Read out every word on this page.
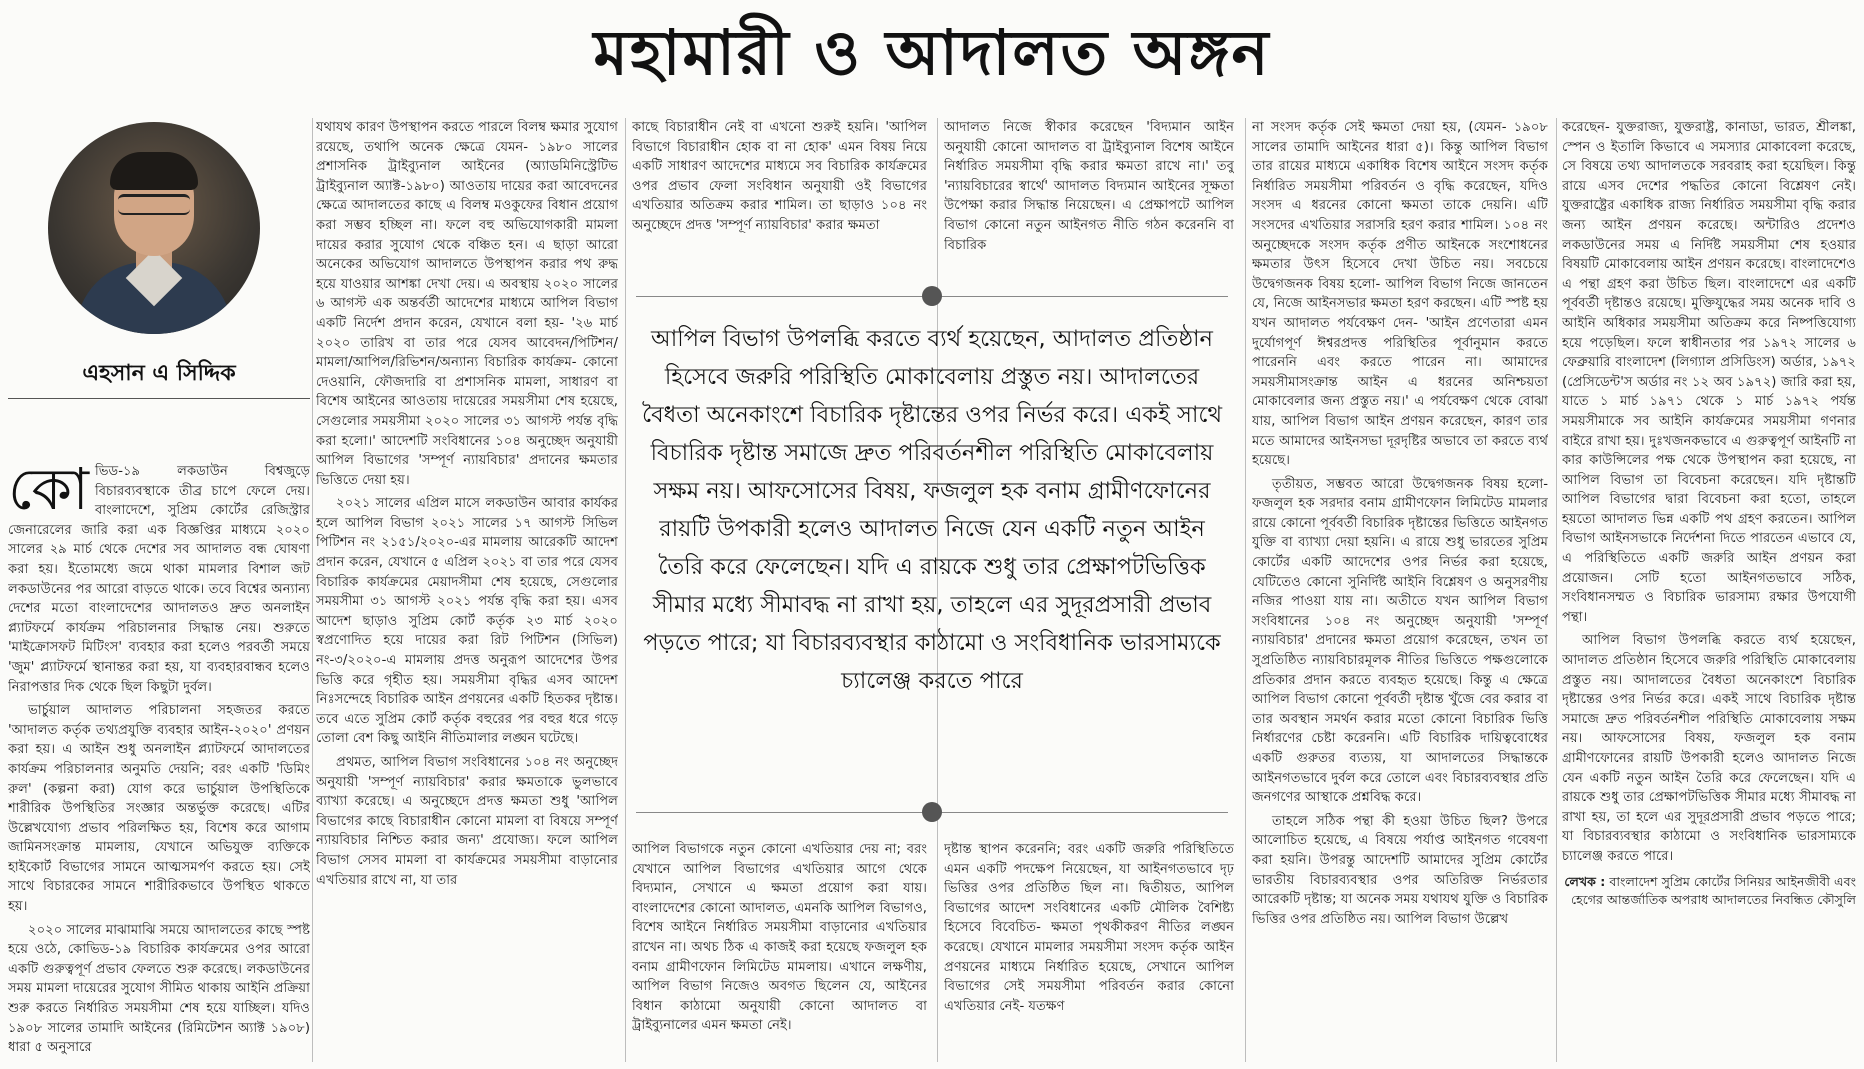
মহামারী ও আদালত অঙ্গন
এহসান এ সিদ্দিক

কোভিড-১৯ লকডাউন বিশ্বজুড়ে বিচারব্যবস্থাকে তীব্র চাপে ফেলে দেয়। বাংলাদেশে, সুপ্রিম কোর্টের রেজিস্ট্রার জেনারেলের জারি করা এক বিজ্ঞপ্তির মাধ্যমে ২০২০ সালের ২৯ মার্চ থেকে দেশের সব আদালত বন্ধ ঘোষণা করা হয়। ইতোমধ্যে জমে থাকা মামলার বিশাল জট লকডাউনের পর আরো বাড়তে থাকে। তবে বিশ্বের অন্যান্য দেশের মতো বাংলাদেশের আদালতও দ্রুত অনলাইন প্ল্যাটফর্মে কার্যক্রম পরিচালনার সিদ্ধান্ত নেয়। শুরুতে 'মাইক্রোসফট মিটিংস' ব্যবহার করা হলেও পরবর্তী সময়ে 'জুম' প্ল্যাটফর্মে স্থানান্তর করা হয়, যা ব্যবহারবান্ধব হলেও নিরাপত্তার দিক থেকে ছিল কিছুটা দুর্বল।

ভার্চুয়াল আদালত পরিচালনা সহজতর করতে 'আদালত কর্তৃক তথ্যপ্রযুক্তি ব্যবহার আইন-২০২০' প্রণয়ন করা হয়। এ আইন শুধু অনলাইন প্ল্যাটফর্মে আদালতের কার্যক্রম পরিচালনার অনুমতি দেয়নি; বরং একটি 'ডিমিং রুল' (কল্পনা করা) যোগ করে ভার্চুয়াল উপস্থিতিকে শারীরিক উপস্থিতির সংজ্ঞার অন্তর্ভুক্ত করেছে। এটির উল্লেখযোগ্য প্রভাব পরিলক্ষিত হয়, বিশেষ করে আগাম জামিনসংক্রান্ত মামলায়, যেখানে অভিযুক্ত ব্যক্তিকে হাইকোর্ট বিভাগের সামনে আত্মসমর্পণ করতে হয়। সেই সাথে বিচারকের সামনে শারীরিকভাবে উপস্থিত থাকতে হয়।

২০২০ সালের মাঝামাঝি সময়ে আদালতের কাছে স্পষ্ট হয়ে ওঠে, কোভিড-১৯ বিচারিক কার্যক্রমের ওপর আরো একটি গুরুত্বপূর্ণ প্রভাব ফেলতে শুরু করেছে। লকডাউনের সময় মামলা দায়েরের সুযোগ সীমিত থাকায় আইনি প্রক্রিয়া শুরু করতে নির্ধারিত সময়সীমা শেষ হয়ে যাচ্ছিল। যদিও ১৯০৮ সালের তামাদি আইনের (রিমিটেশন অ্যাক্ট ১৯০৮) ধারা ৫ অনুসারে

যথাযথ কারণ উপস্থাপন করতে পারলে বিলম্ব ক্ষমার সুযোগ রয়েছে, তথাপি অনেক ক্ষেত্রে যেমন- ১৯৮০ সালের প্রশাসনিক ট্রাইব্যুনাল আইনের (অ্যাডমিনিস্ট্রেটিভ ট্রাইব্যুনাল অ্যাক্ট-১৯৮০) আওতায় দায়ের করা আবেদনের ক্ষেত্রে আদালতের কাছে এ বিলম্ব মওকুফের বিধান প্রয়োগ করা সম্ভব হচ্ছিল না। ফলে বহু অভিযোগকারী মামলা দায়ের করার সুযোগ থেকে বঞ্চিত হন। এ ছাড়া আরো অনেকের অভিযোগ আদালতে উপস্থাপন করার পথ রুদ্ধ হয়ে যাওয়ার আশঙ্কা দেখা দেয়। এ অবস্থায় ২০২০ সালের ৬ আগস্ট এক অন্তর্বর্তী আদেশের মাধ্যমে আপিল বিভাগ একটি নির্দেশ প্রদান করেন, যেখানে বলা হয়- '২৬ মার্চ ২০২০ তারিখ বা তার পরে যেসব আবেদন/পিটিশন/মামলা/আপিল/রিভিশন/অন্যান্য বিচারিক কার্যক্রম- কোনো দেওয়ানি, ফৌজদারি বা প্রশাসনিক মামলা, সাধারণ বা বিশেষ আইনের আওতায় দায়েরের সময়সীমা শেষ হয়েছে, সেগুলোর সময়সীমা ২০২০ সালের ৩১ আগস্ট পর্যন্ত বৃদ্ধি করা হলো।' আদেশটি সংবিধানের ১০৪ অনুচ্ছেদ অনুযায়ী আপিল বিভাগের 'সম্পূর্ণ ন্যায়বিচার' প্রদানের ক্ষমতার ভিত্তিতে দেয়া হয়।

২০২১ সালের এপ্রিল মাসে লকডাউন আবার কার্যকর হলে আপিল বিভাগ ২০২১ সালের ১৭ আগস্ট সিভিল পিটিশন নং ২১৫১/২০২০-এর মামলায় আরেকটি আদেশ প্রদান করেন, যেখানে ৫ এপ্রিল ২০২১ বা তার পরে যেসব বিচারিক কার্যক্রমের মেয়াদসীমা শেষ হয়েছে, সেগুলোর সময়সীমা ৩১ আগস্ট ২০২১ পর্যন্ত বৃদ্ধি করা হয়। এসব আদেশ ছাড়াও সুপ্রিম কোর্ট কর্তৃক ২৩ মার্চ ২০২০ স্বপ্রণোদিত হয়ে দায়ের করা রিট পিটিশন (সিভিল) নং-৩/২০২০-এ মামলায় প্রদত্ত অনুরূপ আদেশের উপর ভিত্তি করে গৃহীত হয়। সময়সীমা বৃদ্ধির এসব আদেশ নিঃসন্দেহে বিচারিক আইন প্রণয়নের একটি হিতকর দৃষ্টান্ত। তবে এতে সুপ্রিম কোর্ট কর্তৃক বহুরের পর বহুর ধরে গড়ে তোলা বেশ কিছু আইনি নীতিমালার লঙ্ঘন ঘটেছে।

প্রথমত, আপিল বিভাগ সংবিধানের ১০৪ নং অনুচ্ছেদ অনুযায়ী 'সম্পূর্ণ ন্যায়বিচার' করার ক্ষমতাকে ভুলভাবে ব্যাখ্যা করেছে। এ অনুচ্ছেদে প্রদত্ত ক্ষমতা শুধু 'আপিল বিভাগের কাছে বিচারাধীন কোনো মামলা বা বিষয়ে সম্পূর্ণ ন্যায়বিচার নিশ্চিত করার জন্য' প্রযোজ্য। ফলে আপিল বিভাগ সেসব মামলা বা কার্যক্রমের সময়সীমা বাড়ানোর এখতিয়ার রাখে না, যা তার

কাছে বিচারাধীন নেই বা এখনো শুরুই হয়নি। 'আপিল বিভাগে বিচারাধীন হোক বা না হোক' এমন বিষয় নিয়ে একটি সাধারণ আদেশের মাধ্যমে সব বিচারিক কার্যক্রমের ওপর প্রভাব ফেলা সংবিধান অনুযায়ী ওই বিভাগের এখতিয়ার অতিক্রম করার শামিল। তা ছাড়াও ১০৪ নং অনুচ্ছেদে প্রদত্ত 'সম্পূর্ণ ন্যায়বিচার' করার ক্ষমতা

আদালত নিজে স্বীকার করেছেন 'বিদ্যমান আইন অনুযায়ী কোনো আদালত বা ট্রাইব্যুনাল বিশেষ আইনে নির্ধারিত সময়সীমা বৃদ্ধি করার ক্ষমতা রাখে না।' তবু 'ন্যায়বিচারের স্বার্থে' আদালত বিদ্যমান আইনের সূক্ষতা উপেক্ষা করার সিদ্ধান্ত নিয়েছেন। এ প্রেক্ষাপটে আপিল বিভাগ কোনো নতুন আইনগত নীতি গঠন করেননি বা বিচারিক

আপিল বিভাগ উপলব্ধি করতে ব্যর্থ হয়েছেন, আদালত প্রতিষ্ঠান হিসেবে জরুরি পরিস্থিতি মোকাবেলায় প্রস্তুত নয়। আদালতের বৈধতা অনেকাংশে বিচারিক দৃষ্টান্তের ওপর নির্ভর করে। একই সাথে বিচারিক দৃষ্টান্ত সমাজে দ্রুত পরিবর্তনশীল পরিস্থিতি মোকাবেলায় সক্ষম নয়। আফসোসের বিষয়, ফজলুল হক বনাম গ্রামীণফোনের রায়টি উপকারী হলেও আদালত নিজে যেন একটি নতুন আইন তৈরি করে ফেলেছেন। যদি এ রায়কে শুধু তার প্রেক্ষাপটভিত্তিক সীমার মধ্যে সীমাবদ্ধ না রাখা হয়, তাহলে এর সুদূরপ্রসারী প্রভাব পড়তে পারে; যা বিচারব্যবস্থার কাঠামো ও সংবিধানিক ভারসাম্যকে চ্যালেঞ্জ করতে পারে

আপিল বিভাগকে নতুন কোনো এখতিয়ার দেয় না; বরং যেখানে আপিল বিভাগের এখতিয়ার আগে থেকে বিদ্যমান, সেখানে এ ক্ষমতা প্রয়োগ করা যায়। বাংলাদেশের কোনো আদালত, এমনকি আপিল বিভাগও, বিশেষ আইনে নির্ধারিত সময়সীমা বাড়ানোর এখতিয়ার রাখেন না। অথচ ঠিক এ কাজই করা হয়েছে ফজলুল হক বনাম গ্রামীণফোন লিমিটেড মামলায়। এখানে লক্ষণীয়, আপিল বিভাগ নিজেও অবগত ছিলেন যে, আইনের বিধান কাঠামো অনুযায়ী কোনো আদালত বা ট্রাইব্যুনালের এমন ক্ষমতা নেই।

দৃষ্টান্ত স্থাপন করেননি; বরং একটি জরুরি পরিস্থিতিতে এমন একটি পদক্ষেপ নিয়েছেন, যা আইনগতভাবে দৃঢ় ভিত্তির ওপর প্রতিষ্ঠিত ছিল না। দ্বিতীয়ত, আপিল বিভাগের আদেশ সংবিধানের একটি মৌলিক বৈশিষ্ট্য হিসেবে বিবেচিত- ক্ষমতা পৃথকীকরণ নীতির লঙ্ঘন করেছে। যেখানে মামলার সময়সীমা সংসদ কর্তৃক আইন প্রণয়নের মাধ্যমে নির্ধারিত হয়েছে, সেখানে আপিল বিভাগের সেই সময়সীমা পরিবর্তন করার কোনো এখতিয়ার নেই- যতক্ষণ

না সংসদ কর্তৃক সেই ক্ষমতা দেয়া হয়, (যেমন- ১৯০৮ সালের তামাদি আইনের ধারা ৫)। কিন্তু আপিল বিভাগ তার রায়ের মাধ্যমে একাধিক বিশেষ আইনে সংসদ কর্তৃক নির্ধারিত সময়সীমা পরিবর্তন ও বৃদ্ধি করেছেন, যদিও সংসদ এ ধরনের কোনো ক্ষমতা তাকে দেয়নি। এটি সংসদের এখতিয়ার সরাসরি হরণ করার শামিল। ১০৪ নং অনুচ্ছেদকে সংসদ কর্তৃক প্রণীত আইনকে সংশোধনের ক্ষমতার উৎস হিসেবে দেখা উচিত নয়। সবচেয়ে উদ্বেগজনক বিষয় হলো- আপিল বিভাগ নিজে জানতেন যে, নিজে আইনসভার ক্ষমতা হরণ করছেন। এটি স্পষ্ট হয় যখন আদালত পর্যবেক্ষণ দেন- 'আইন প্রণেতারা এমন দুর্যোগপূর্ণ ঈশ্বরপ্রদত্ত পরিস্থিতির পূর্বানুমান করতে পারেননি এবং করতে পারেন না। আমাদের সময়সীমাসংক্রান্ত আইন এ ধরনের অনিশ্চয়তা মোকাবেলার জন্য প্রস্তুত নয়।' এ পর্যবেক্ষণ থেকে বোঝা যায়, আপিল বিভাগ আইন প্রণয়ন করেছেন, কারণ তার মতে আমাদের আইনসভা দূরদৃষ্টির অভাবে তা করতে ব্যর্থ হয়েছে।

তৃতীয়ত, সম্ভবত আরো উদ্বেগজনক বিষয় হলো- ফজলুল হক সরদার বনাম গ্রামীণফোন লিমিটেড মামলার রায়ে কোনো পূর্ববর্তী বিচারিক দৃষ্টান্তের ভিত্তিতে আইনগত যুক্তি বা ব্যাখ্যা দেয়া হয়নি। এ রায়ে শুধু ভারতের সুপ্রিম কোর্টের একটি আদেশের ওপর নির্ভর করা হয়েছে, যেটিতেও কোনো সুনির্দিষ্ট আইনি বিশ্লেষণ ও অনুসরণীয় নজির পাওয়া যায় না। অতীতে যখন আপিল বিভাগ সংবিধানের ১০৪ নং অনুচ্ছেদ অনুযায়ী 'সম্পূর্ণ ন্যায়বিচার' প্রদানের ক্ষমতা প্রয়োগ করেছেন, তখন তা সুপ্রতিষ্ঠিত ন্যায়বিচারমূলক নীতির ভিত্তিতে পক্ষগুলোকে প্রতিকার প্রদান করতে ব্যবহৃত হয়েছে। কিন্তু এ ক্ষেত্রে আপিল বিভাগ কোনো পূর্ববর্তী দৃষ্টান্ত খুঁজে বের করার বা তার অবস্থান সমর্থন করার মতো কোনো বিচারিক ভিত্তি নির্ধারণের চেষ্টা করেননি। এটি বিচারিক দায়িত্ববোধের একটি গুরুতর ব্যত্যয়, যা আদালতের সিদ্ধান্তকে আইনগতভাবে দুর্বল করে তোলে এবং বিচারব্যবস্থার প্রতি জনগণের আস্থাকে প্রশ্নবিদ্ধ করে।

তাহলে সঠিক পন্থা কী হওয়া উচিত ছিল? উপরে আলোচিত হয়েছে, এ বিষয়ে পর্যাপ্ত আইনগত গবেষণা করা হয়নি। উপরন্তু আদেশটি আমাদের সুপ্রিম কোর্টের ভারতীয় বিচারব্যবস্থার ওপর অতিরিক্ত নির্ভরতার আরেকটি দৃষ্টান্ত; যা অনেক সময় যথাযথ যুক্তি ও বিচারিক ভিত্তির ওপর প্রতিষ্ঠিত নয়। আপিল বিভাগ উল্লেখ

করেছেন- যুক্তরাজ্য, যুক্তরাষ্ট্র, কানাডা, ভারত, শ্রীলঙ্কা, স্পেন ও ইতালি কিভাবে এ সমস্যার মোকাবেলা করেছে, সে বিষয়ে তথ্য আদালতকে সরবরাহ করা হয়েছিল। কিন্তু রায়ে এসব দেশের পদ্ধতির কোনো বিশ্লেষণ নেই। যুক্তরাষ্ট্রের একাধিক রাজ্য নির্ধারিত সময়সীমা বৃদ্ধি করার জন্য আইন প্রণয়ন করেছে। অন্টারিও প্রদেশও লকডাউনের সময় এ নির্দিষ্ট সময়সীমা শেষ হওয়ার বিষয়টি মোকাবেলায় আইন প্রণয়ন করেছে। বাংলাদেশেও এ পন্থা গ্রহণ করা উচিত ছিল। বাংলাদেশে এর একটি পূর্ববর্তী দৃষ্টান্তও রয়েছে। মুক্তিযুদ্ধের সময় অনেক দাবি ও আইনি অধিকার সময়সীমা অতিক্রম করে নিষ্পত্তিযোগ্য হয়ে পড়েছিল। ফলে স্বাধীনতার পর ১৯৭২ সালের ৬ ফেব্রুয়ারি বাংলাদেশ (লিগ্যাল প্রসিডিংস) অর্ডার, ১৯৭২ (প্রেসিডেন্ট'স অর্ডার নং ১২ অব ১৯৭২) জারি করা হয়, যাতে ১ মার্চ ১৯৭১ থেকে ১ মার্চ ১৯৭২ পর্যন্ত সময়সীমাকে সব আইনি কার্যক্রমের সময়সীমা গণনার বাইরে রাখা হয়। দুঃখজনকভাবে এ গুরুত্বপূর্ণ আইনটি না কার কাউন্সিলের পক্ষ থেকে উপস্থাপন করা হয়েছে, না আপিল বিভাগ তা বিবেচনা করেছেন। যদি দৃষ্টান্তটি আপিল বিভাগের দ্বারা বিবেচনা করা হতো, তাহলে হয়তো আদালত ভিন্ন একটি পথ গ্রহণ করতেন। আপিল বিভাগ আইনসভাকে নির্দেশনা দিতে পারতেন এভাবে যে, এ পরিস্থিতিতে একটি জরুরি আইন প্রণয়ন করা প্রয়োজন। সেটি হতো আইনগতভাবে সঠিক, সংবিধানসম্মত ও বিচারিক ভারসাম্য রক্ষার উপযোগী পন্থা।

আপিল বিভাগ উপলব্ধি করতে ব্যর্থ হয়েছেন, আদালত প্রতিষ্ঠান হিসেবে জরুরি পরিস্থিতি মোকাবেলায় প্রস্তুত নয়। আদালতের বৈধতা অনেকাংশে বিচারিক দৃষ্টান্তের ওপর নির্ভর করে। একই সাথে বিচারিক দৃষ্টান্ত সমাজে দ্রুত পরিবর্তনশীল পরিস্থিতি মোকাবেলায় সক্ষম নয়। আফসোসের বিষয়, ফজলুল হক বনাম গ্রামীণফোনের রায়টি উপকারী হলেও আদালত নিজে যেন একটি নতুন আইন তৈরি করে ফেলেছেন। যদি এ রায়কে শুধু তার প্রেক্ষাপটভিত্তিক সীমার মধ্যে সীমাবদ্ধ না রাখা হয়, তা হলে এর সুদূরপ্রসারী প্রভাব পড়তে পারে; যা বিচারব্যবস্থার কাঠামো ও সংবিধানিক ভারসাম্যকে চ্যালেঞ্জ করতে পারে।

লেখক : বাংলাদেশ সুপ্রিম কোর্টের সিনিয়র আইনজীবী এবং হেগের আন্তর্জাতিক অপরাধ আদালতের নিবন্ধিত কৌসুলি
